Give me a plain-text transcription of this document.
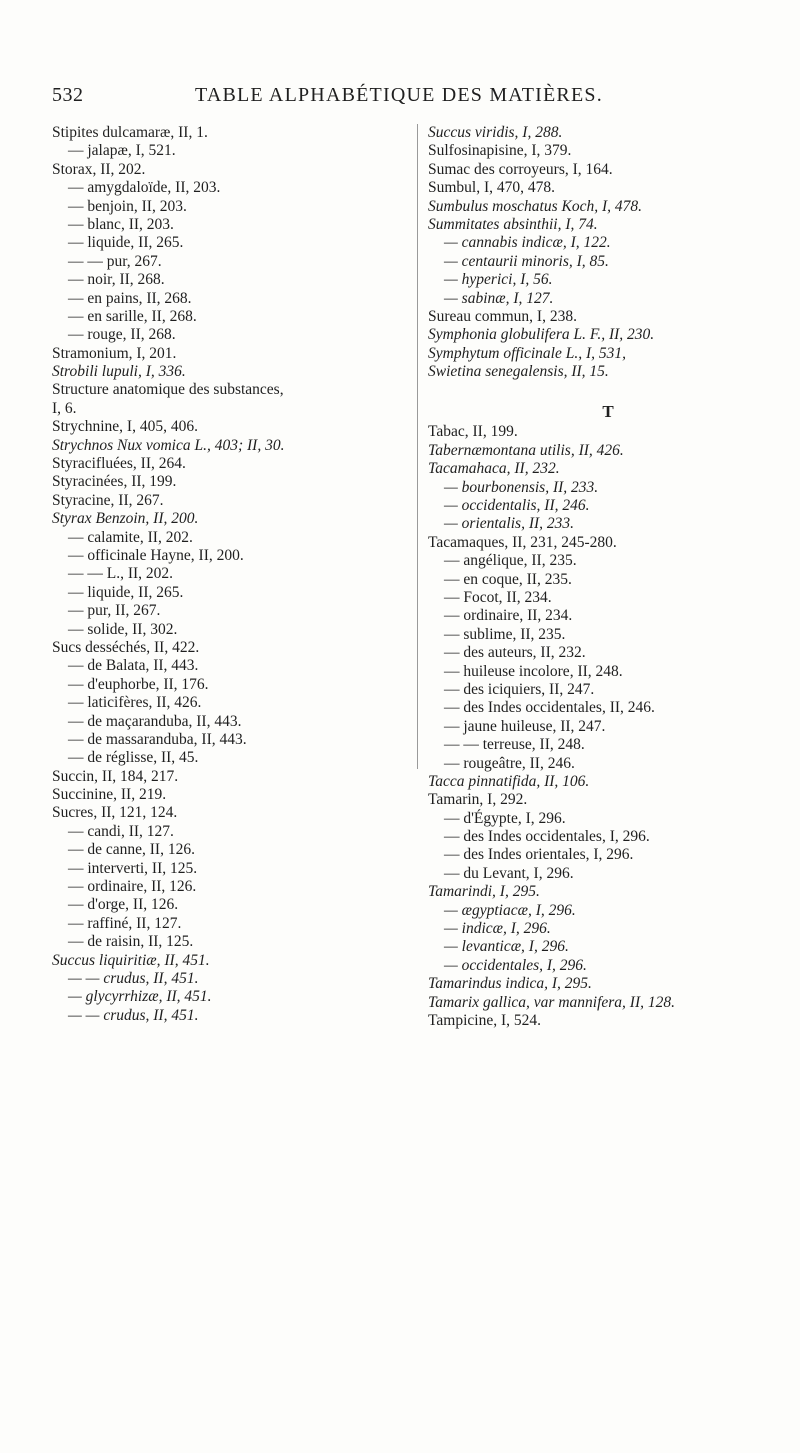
532	TABLE ALPHABÉTIQUE DES MATIÈRES.
Stipites dulcamaræ, II, 1.
— jalapæ, I, 521.
Storax, II, 202.
— amygdaloïde, II, 203.
— benjoin, II, 203.
— blanc, II, 203.
— liquide, II, 265.
— — pur, 267.
— noir, II, 268.
— en pains, II, 268.
— en sarille, II, 268.
— rouge, II, 268.
Stramonium, I, 201.
Strobili lupuli, I, 336.
Structure anatomique des substances,
I, 6.
Strychnine, I, 405, 406.
Strychnos Nux vomica L., 403; II, 30.
Styracifluées, II, 264.
Styracinées, II, 199.
Styracine, II, 267.
Styrax Benzoin, II, 200.
— calamite, II, 202.
— officinale Hayne, II, 200.
— — L., II, 202.
— liquide, II, 265.
— pur, II, 267.
— solide, II, 302.
Sucs desséchés, II, 422.
— de Balata, II, 443.
— d'euphorbe, II, 176.
— laticifères, II, 426.
— de maçaranduba, II, 443.
— de massaranduba, II, 443.
— de réglisse, II, 45.
Succin, II, 184, 217.
Succinine, II, 219.
Sucres, II, 121, 124.
— candi, II, 127.
— de canne, II, 126.
— interverti, II, 125.
— ordinaire, II, 126.
— d'orge, II, 126.
— raffiné, II, 127.
— de raisin, II, 125.
Succus liquiritiæ, II, 451.
— — crudus, II, 451.
— glycyrrhizæ, II, 451.
— — crudus, II, 451.
Succus viridis, I, 288.
Sulfosinapisine, I, 379.
Sumac des corroyeurs, I, 164.
Sumbul, I, 470, 478.
Sumbulus moschatus Koch, I, 478.
Summitates absinthii, I, 74.
— cannabis indicæ, I, 122.
— centaurii minoris, I, 85.
— hyperici, I, 56.
— sabinæ, I, 127.
Sureau commun, I, 238.
Symphonia globulifera L. F., II, 230.
Symphytum officinale L., I, 531,
Swietina senegalensis, II, 15.
T
Tabac, II, 199.
Tabernæmontana utilis, II, 426.
Tacamahaca, II, 232.
— bourbonensis, II, 233.
— occidentalis, II, 246.
— orientalis, II, 233.
Tacamaques, II, 231, 245-280.
— angélique, II, 235.
— en coque, II, 235.
— Focot, II, 234.
— ordinaire, II, 234.
— sublime, II, 235.
— des auteurs, II, 232.
— huileuse incolore, II, 248.
— des iciquiers, II, 247.
— des Indes occidentales, II, 246.
— jaune huileuse, II, 247.
— — terreuse, II, 248.
— rougeâtre, II, 246.
Tacca pinnatifida, II, 106.
Tamarin, I, 292.
— d'Égypte, I, 296.
— des Indes occidentales, I, 296.
— des Indes orientales, I, 296.
— du Levant, I, 296.
Tamarindi, I, 295.
— ægyptiacæ, I, 296.
— indicæ, I, 296.
— levanticæ, I, 296.
— occidentales, I, 296.
Tamarindus indica, I, 295.
Tamarix gallica, var mannifera, II, 128.
Tampicine, I, 524.
